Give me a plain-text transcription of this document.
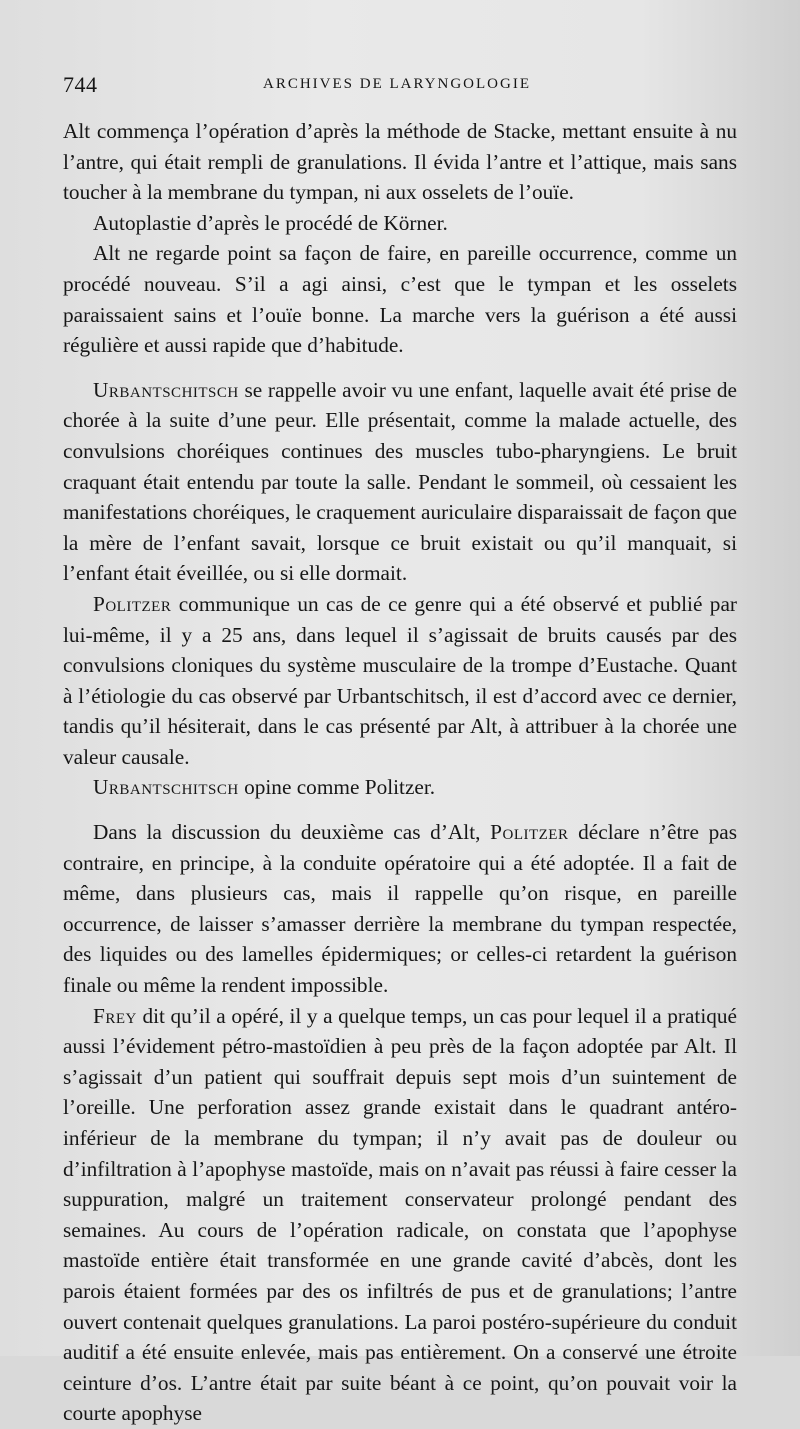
744	ARCHIVES DE LARYNGOLOGIE

Alt commença l’opération d’après la méthode de Stacke, mettant ensuite à nu l’antre, qui était rempli de granulations. Il évida l’antre et l’attique, mais sans toucher à la membrane du tympan, ni aux osselets de l’ouïe.

Autoplastie d’après le procédé de Körner.

Alt ne regarde point sa façon de faire, en pareille occurrence, comme un procédé nouveau. S’il a agi ainsi, c’est que le tympan et les osselets paraissaient sains et l’ouïe bonne. La marche vers la guérison a été aussi régulière et aussi rapide que d’habitude.

Urbantschitsch se rappelle avoir vu une enfant, laquelle avait été prise de chorée à la suite d’une peur. Elle présentait, comme la malade actuelle, des convulsions choréiques continues des muscles tubo-pharyngiens. Le bruit craquant était entendu par toute la salle. Pendant le sommeil, où cessaient les manifestations choréiques, le craquement auriculaire disparaissait de façon que la mère de l’enfant savait, lorsque ce bruit existait ou qu’il manquait, si l’enfant était éveillée, ou si elle dormait.

Politzer communique un cas de ce genre qui a été observé et publié par lui-même, il y a 25 ans, dans lequel il s’agissait de bruits causés par des convulsions cloniques du système musculaire de la trompe d’Eustache. Quant à l’étiologie du cas observé par Urbantschitsch, il est d’accord avec ce dernier, tandis qu’il hésiterait, dans le cas présenté par Alt, à attribuer à la chorée une valeur causale.

Urbantschitsch opine comme Politzer.

Dans la discussion du deuxième cas d’Alt, Politzer déclare n’être pas contraire, en principe, à la conduite opératoire qui a été adoptée. Il a fait de même, dans plusieurs cas, mais il rappelle qu’on risque, en pareille occurrence, de laisser s’amasser derrière la membrane du tympan respectée, des liquides ou des lamelles épidermiques; or celles-ci retardent la guérison finale ou même la rendent impossible.

Frey dit qu’il a opéré, il y a quelque temps, un cas pour lequel il a pratiqué aussi l’évidement pétro-mastoïdien à peu près de la façon adoptée par Alt. Il s’agissait d’un patient qui souffrait depuis sept mois d’un suintement de l’oreille. Une perforation assez grande existait dans le quadrant antéro-inférieur de la membrane du tympan; il n’y avait pas de douleur ou d’infiltration à l’apophyse mastoïde, mais on n’avait pas réussi à faire cesser la suppuration, malgré un traitement conservateur prolongé pendant des semaines. Au cours de l’opération radicale, on constata que l’apophyse mastoïde entière était transformée en une grande cavité d’abcès, dont les parois étaient formées par des os infiltrés de pus et de granulations; l’antre ouvert contenait quelques granulations. La paroi postéro-supérieure du conduit auditif a été ensuite enlevée, mais pas entièrement. On a conservé une étroite ceinture d’os. L’antre était par suite béant à ce point, qu’on pouvait voir la courte apophyse
